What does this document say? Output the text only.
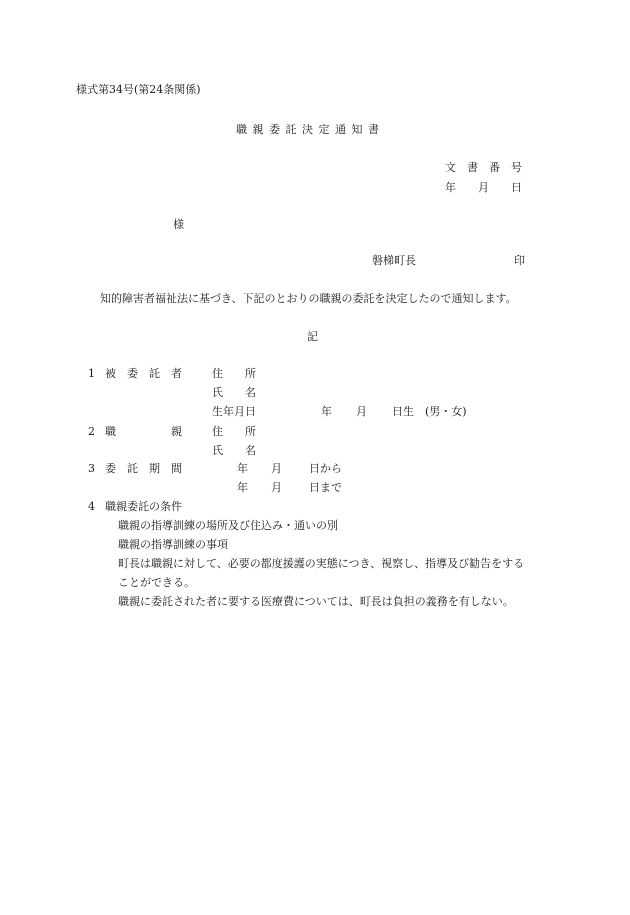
様式第34号(第24条関係)
職 親 委 託 決 定 通 知 書
文　書　番　号
年　　月　　日
様
磐梯町長	印
知的障害者福祉法に基づき、下記のとおりの職親の委託を決定したので通知します。
記
1 被　委　託　者	住　　所
氏　　名
生年月日	年 月 日生 (男・女)
2 職　　　　　親	住　　所
氏　　名
3 委　託　期　間	年 月 日から
年 月 日まで
4 職親委託の条件
職親の指導訓練の場所及び住込み・通いの別
職親の指導訓練の事項
町長は職親に対して、必要の都度援護の実態につき、視察し、指導及び勧告をする
ことができる。
職親に委託された者に要する医療費については、町長は負担の義務を有しない。
